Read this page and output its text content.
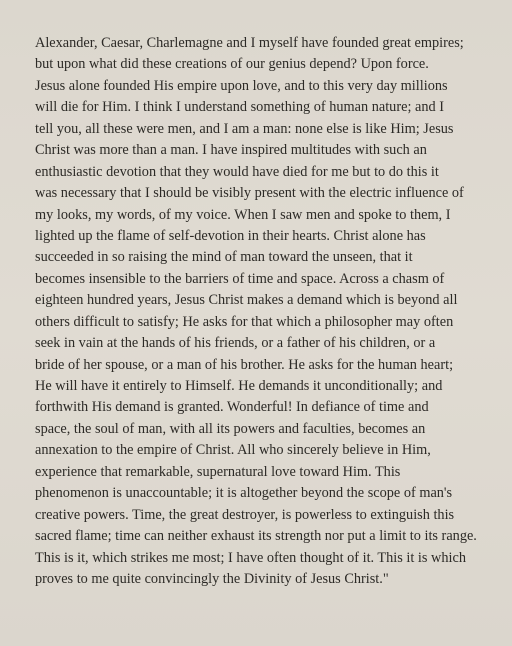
Alexander, Caesar, Charlemagne and I myself have founded great empires;
but upon what did these creations of our genius depend? Upon force.
Jesus alone founded His empire upon love, and to this very day millions
will die for Him. I think I understand something of human nature; and I
tell you, all these were men, and I am a man: none else is like Him; Jesus
Christ was more than a man. I have inspired multitudes with such an
enthusiastic devotion that they would have died for me but to do this it
was necessary that I should be visibly present with the electric influence of
my looks, my words, of my voice. When I saw men and spoke to them, I
lighted up the flame of self-devotion in their hearts. Christ alone has
succeeded in so raising the mind of man toward the unseen, that it
becomes insensible to the barriers of time and space. Across a chasm of
eighteen hundred years, Jesus Christ makes a demand which is beyond all
others difficult to satisfy; He asks for that which a philosopher may often
seek in vain at the hands of his friends, or a father of his children, or a
bride of her spouse, or a man of his brother. He asks for the human heart;
He will have it entirely to Himself. He demands it unconditionally; and
forthwith His demand is granted. Wonderful! In defiance of time and
space, the soul of man, with all its powers and faculties, becomes an
annexation to the empire of Christ. All who sincerely believe in Him,
experience that remarkable, supernatural love toward Him. This
phenomenon is unaccountable; it is altogether beyond the scope of man's
creative powers. Time, the great destroyer, is powerless to extinguish this
sacred flame; time can neither exhaust its strength nor put a limit to its range.
This is it, which strikes me most; I have often thought of it. This it is which
proves to me quite convincingly the Divinity of Jesus Christ."
